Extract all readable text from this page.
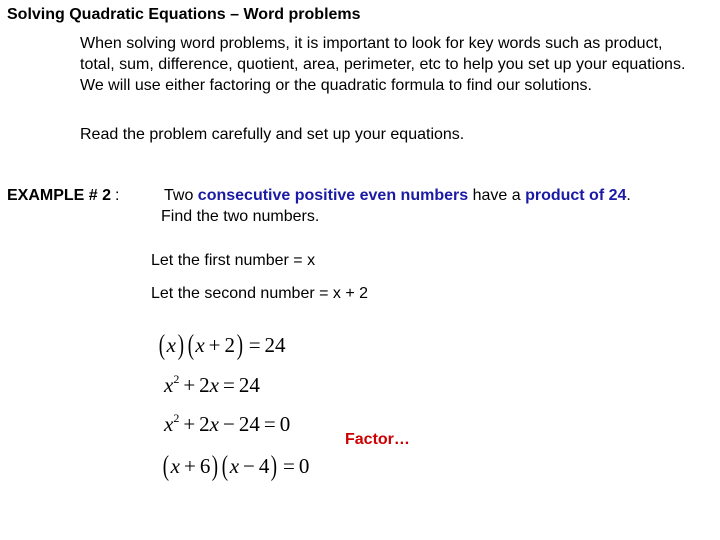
Solving Quadratic Equations – Word problems

When solving word problems, it is important to look for key words such as product, total, sum, difference, quotient, area, perimeter, etc to help you set up your equations. We will use either factoring or the quadratic formula to find our solutions.

Read the problem carefully and set up your equations.

EXAMPLE # 2 :	Two consecutive positive even numbers have a product of 24.
Find the two numbers.
Let the first number = x
Let the second number = x + 2
(x) (x + 2) = 24
$x^2 + 2x = 24$
$x^2 + 2x - 24 = 0$
(x + 6) (x − 4) = 0
Factor…
